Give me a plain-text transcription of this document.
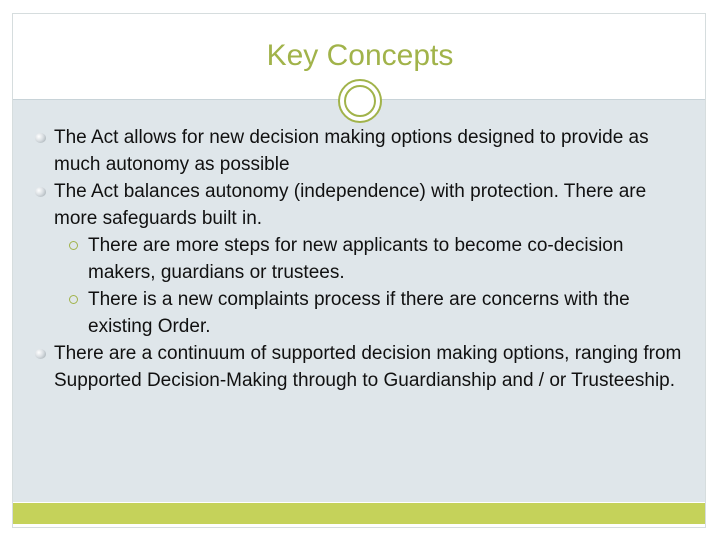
Key Concepts

The Act allows for new decision making options designed to provide as much autonomy as possible

The Act balances autonomy (independence) with protection. There are more safeguards built in.

There are more steps for new applicants to become co-decision makers, guardians or trustees.

There is a new complaints process if there are concerns with the existing Order.

There are a continuum of supported decision making options, ranging from Supported Decision-Making through to Guardianship and / or Trusteeship.
